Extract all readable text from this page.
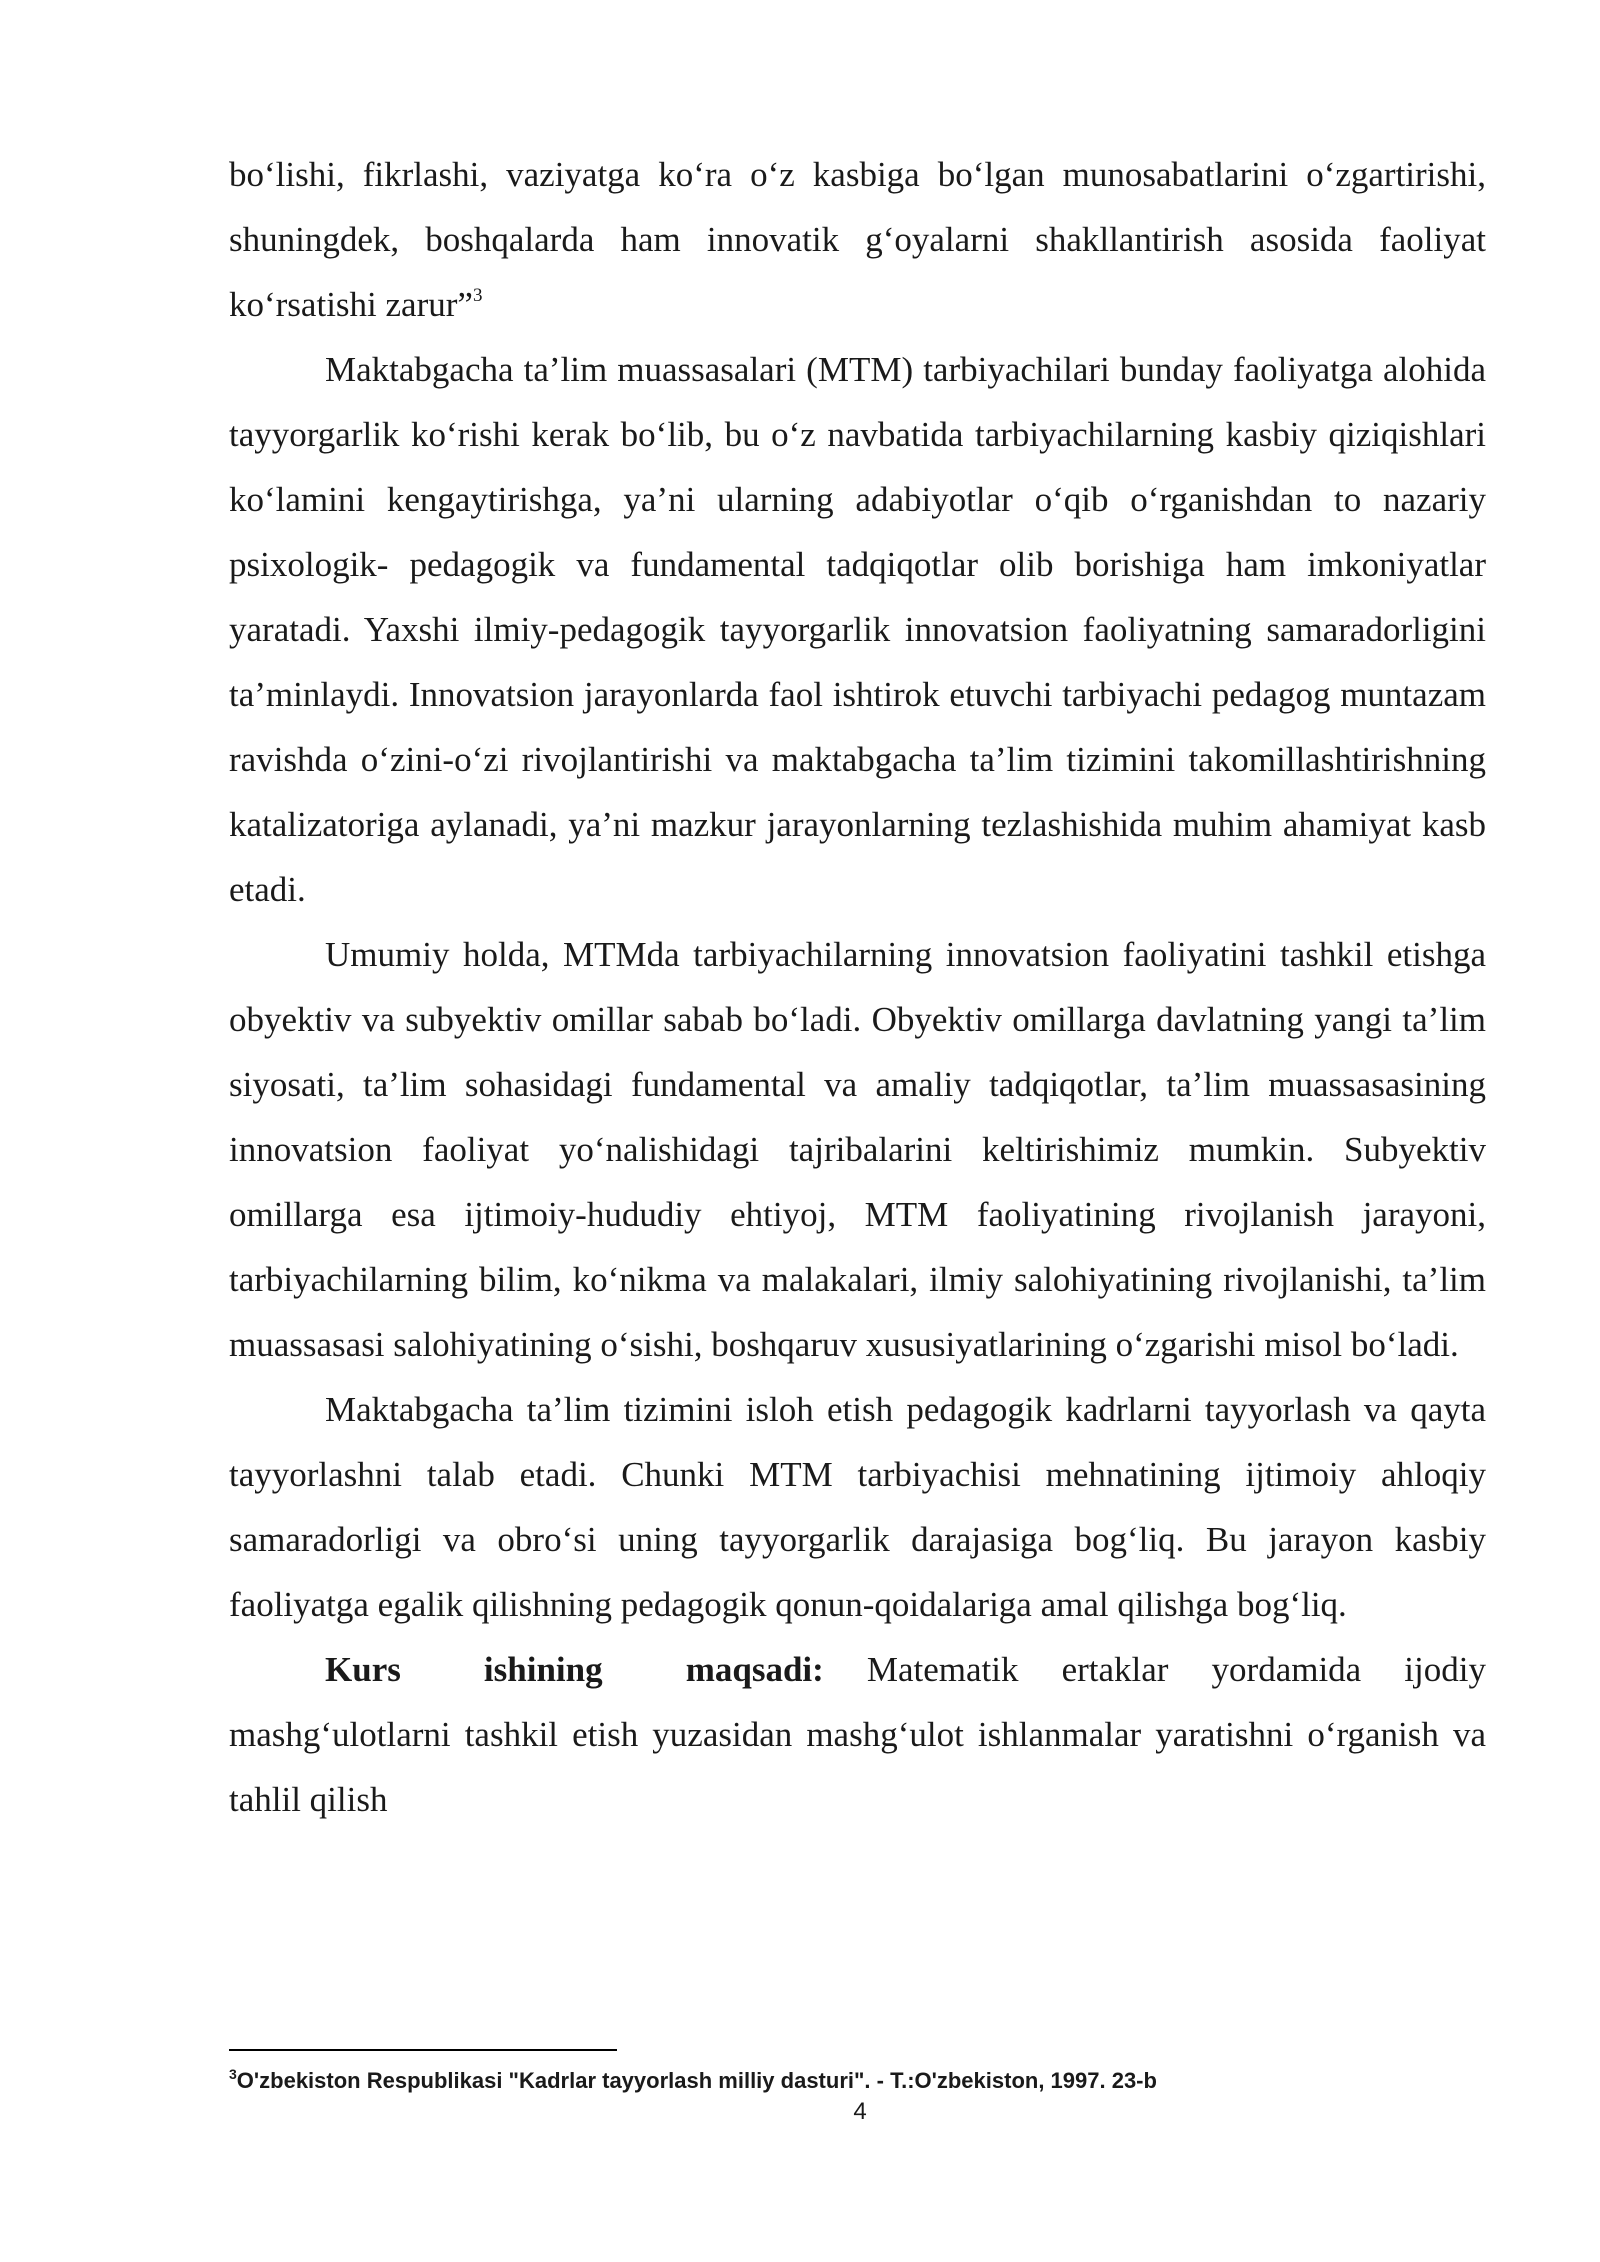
bo‘lishi, fikrlashi, vaziyatga ko‘ra o‘z kasbiga bo‘lgan munosabatlarini o‘zgartirishi, shuningdek, boshqalarda ham innovatik g‘oyalarni shakllantirish asosida faoliyat ko‘rsatishi zarur”$^3$

Maktabgacha ta’lim muassasalari (MTM) tarbiyachilari bunday faoliyatga alohida tayyorgarlik ko‘rishi kerak bo‘lib, bu o‘z navbatida tarbiyachilarning kasbiy qiziqishlari ko‘lamini kengaytirishga, ya’ni ularning adabiyotlar o‘qib o‘rganishdan to nazariy psixologik- pedagogik va fundamental tadqiqotlar olib borishiga ham imkoniyatlar yaratadi. Yaxshi ilmiy-pedagogik tayyorgarlik innovatsion faoliyatning samaradorligini ta’minlaydi. Innovatsion jarayonlarda faol ishtirok etuvchi tarbiyachi pedagog muntazam ravishda o‘zini-o‘zi rivojlantirishi va maktabgacha ta’lim tizimini takomillashtirishning katalizatoriga aylanadi, ya’ni mazkur jarayonlarning tezlashishida muhim ahamiyat kasb etadi.

Umumiy holda, MTMda tarbiyachilarning innovatsion faoliyatini tashkil etishga obyektiv va subyektiv omillar sabab bo‘ladi. Obyektiv omillarga davlatning yangi ta’lim siyosati, ta’lim sohasidagi fundamental va amaliy tadqiqotlar, ta’lim muassasasining innovatsion faoliyat yo‘nalishidagi tajribalarini keltirishimiz mumkin. Subyektiv omillarga esa ijtimoiy-hududiy ehtiyoj, MTM faoliyatining rivojlanish jarayoni, tarbiyachilarning bilim, ko‘nikma va malakalari, ilmiy salohiyatining rivojlanishi, ta’lim muassasasi salohiyatining o‘sishi, boshqaruv xususiyatlarining o‘zgarishi misol bo‘ladi.

Maktabgacha ta’lim tizimini isloh etish pedagogik kadrlarni tayyorlash va qayta tayyorlashni talab etadi. Chunki MTM tarbiyachisi mehnatining ijtimoiy ahloqiy samaradorligi va obro‘si uning tayyorgarlik darajasiga bog‘liq. Bu jarayon kasbiy faoliyatga egalik qilishning pedagogik qonun-qoidalariga amal qilishga bog‘liq.

Kurs ishining maqsadi: Matematik ertaklar yordamida ijodiy mashg‘ulotlarni tashkil etish yuzasidan mashg‘ulot ishlanmalar yaratishni o‘rganish va tahlil qilish

$^3$O'zbekiston Respublikasi "Kadrlar tayyorlash milliy dasturi". - T.:O'zbekiston, 1997. 23-b
4
